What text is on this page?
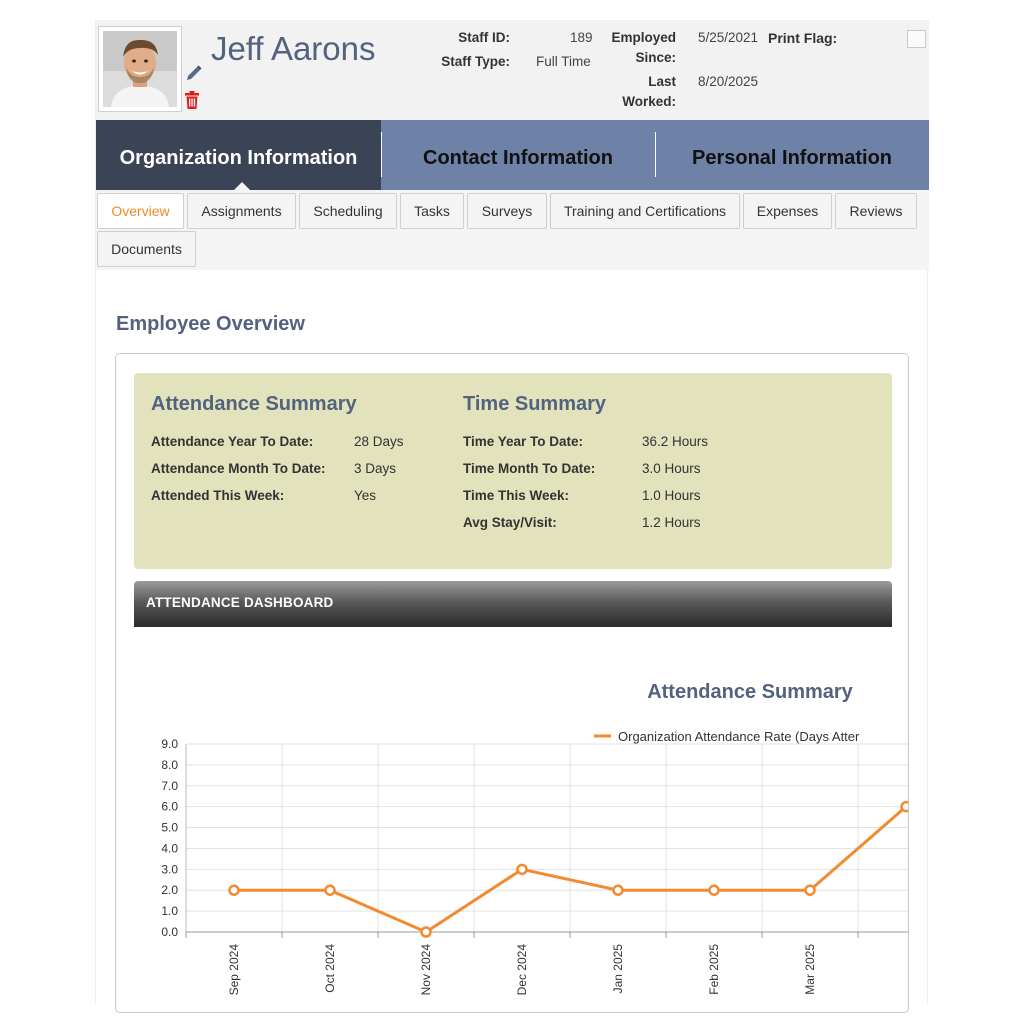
Jeff Aarons	Staff ID:	189
Staff Type: Full Time
Employed
Since:
5/25/2021
Last
Worked:
8/20/2025
Print Flag:
Organization Information	Contact Information	Personal Information
Overview	Assignments	Scheduling	Tasks	Surveys	Training and Certifications	Expenses	Reviews
Documents
Employee Overview
Attendance Summary
Attendance Year To Date:	28 Days
Attendance Month To Date: 3 Days
Attended This Week:	Yes
Time Summary
Time Year To Date:	36.2 Hours
Time Month To Date:	3.0 Hours
Time This Week:	1.0 Hours
Avg Stay/Visit:	1.2 Hours
ATTENDANCE DASHBOARD
Attendance Summary
Organization Attendance Rate (Days Atter
0.0
1.0
2.0
3.0
4.0
5.0
6.0
7.0
8.0
9.0
Sep 2024	Oct 2024	Nov 2024	Dec 2024	Jan 2025	Feb 2025	Mar 2025
